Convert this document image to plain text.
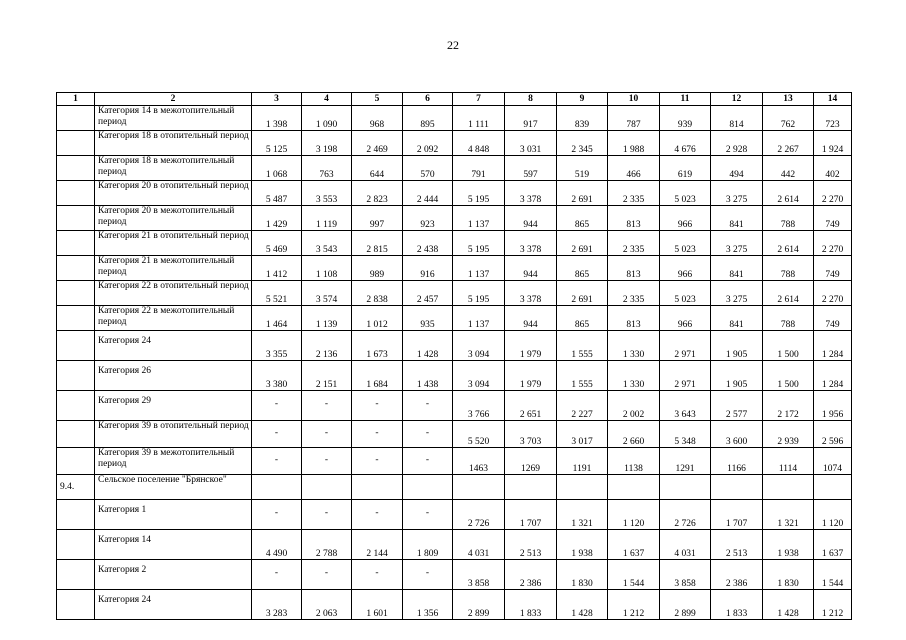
22
1	2	3	4	5	6	7	8	9	10	11	12	13	14
	Категория 14 в межотопительный период	1 398	1 090	968	895	1 111	917	839	787	939	814	762	723
	Категория 18 в отопительный период	5 125	3 198	2 469	2 092	4 848	3 031	2 345	1 988	4 676	2 928	2 267	1 924
	Категория 18 в межотопительный период	1 068	763	644	570	791	597	519	466	619	494	442	402
	Категория 20 в отопительный период	5 487	3 553	2 823	2 444	5 195	3 378	2 691	2 335	5 023	3 275	2 614	2 270
	Категория 20 в межотопительный период	1 429	1 119	997	923	1 137	944	865	813	966	841	788	749
	Категория 21 в отопительный период	5 469	3 543	2 815	2 438	5 195	3 378	2 691	2 335	5 023	3 275	2 614	2 270
	Категория 21 в межотопительный период	1 412	1 108	989	916	1 137	944	865	813	966	841	788	749
	Категория 22 в отопительный период	5 521	3 574	2 838	2 457	5 195	3 378	2 691	2 335	5 023	3 275	2 614	2 270
	Категория 22 в межотопительный период	1 464	1 139	1 012	935	1 137	944	865	813	966	841	788	749
	Категория 24	3 355	2 136	1 673	1 428	3 094	1 979	1 555	1 330	2 971	1 905	1 500	1 284
	Категория 26	3 380	2 151	1 684	1 438	3 094	1 979	1 555	1 330	2 971	1 905	1 500	1 284
	Категория 29	-	-	-	-	3 766	2 651	2 227	2 002	3 643	2 577	2 172	1 956
	Категория 39 в отопительный период	-	-	-	-	5 520	3 703	3 017	2 660	5 348	3 600	2 939	2 596
	Категория 39 в межотопительный период	-	-	-	-	1463	1269	1191	1138	1291	1166	1114	1074
9.4.	Сельское поселение "Брянское"												
	Категория 1	-	-	-	-	2 726	1 707	1 321	1 120	2 726	1 707	1 321	1 120
	Категория 14	4 490	2 788	2 144	1 809	4 031	2 513	1 938	1 637	4 031	2 513	1 938	1 637
	Категория 2	-	-	-	-	3 858	2 386	1 830	1 544	3 858	2 386	1 830	1 544
	Категория 24	3 283	2 063	1 601	1 356	2 899	1 833	1 428	1 212	2 899	1 833	1 428	1 212
